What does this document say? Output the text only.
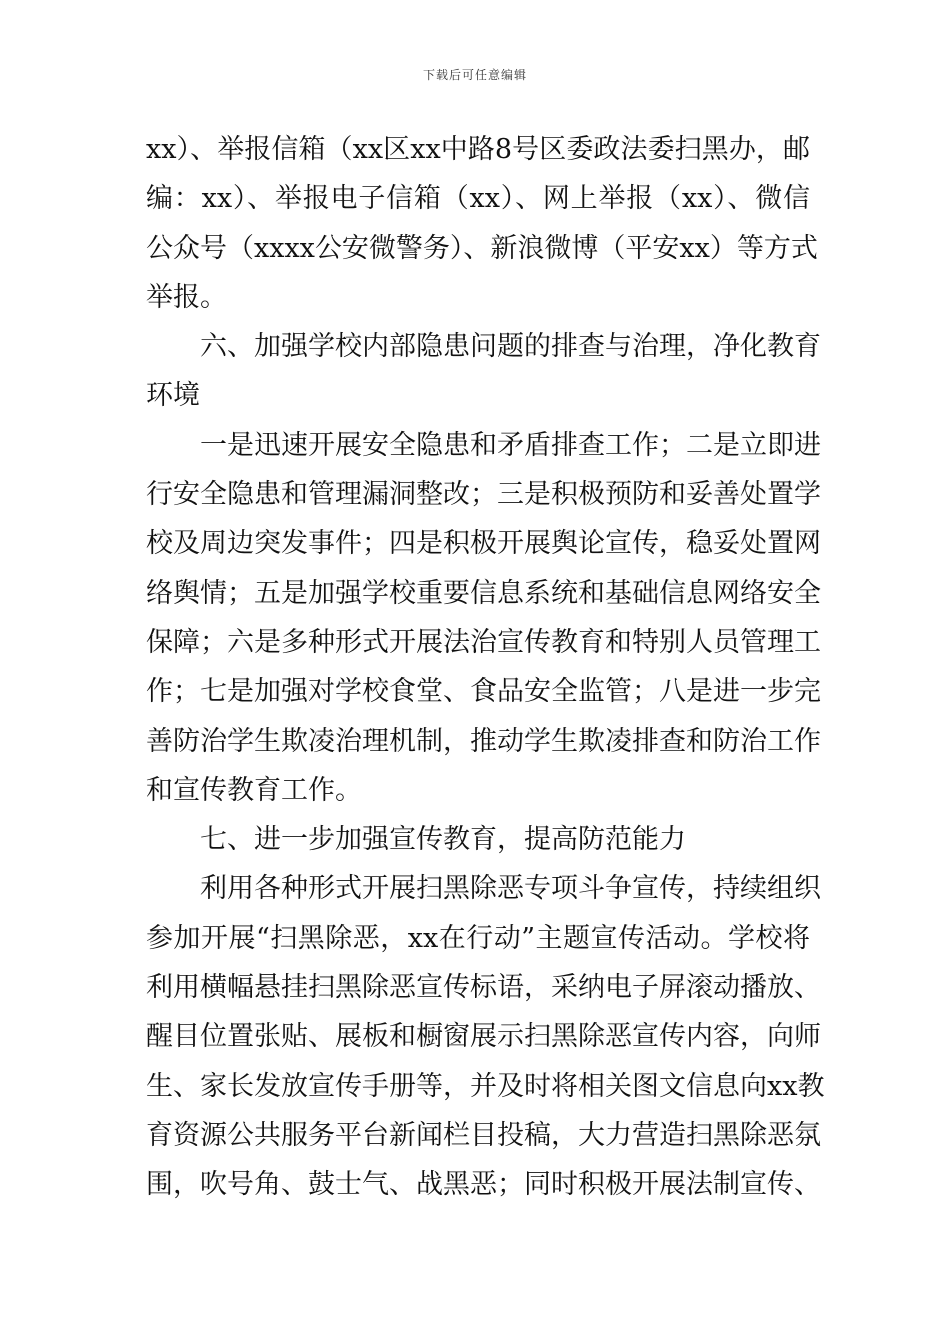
下载后可任意编辑
xx）、举报信箱（xx区xx中路8号区委政法委扫黑办，邮
编：xx）、举报电子信箱（xx）、网上举报（xx）、微信
公众号（xxxx公安微警务）、新浪微博（平安xx）等方式
举报。
六、加强学校内部隐患问题的排查与治理，净化教育
环境
一是迅速开展安全隐患和矛盾排查工作；二是立即进
行安全隐患和管理漏洞整改；三是积极预防和妥善处置学
校及周边突发事件；四是积极开展舆论宣传，稳妥处置网
络舆情；五是加强学校重要信息系统和基础信息网络安全
保障；六是多种形式开展法治宣传教育和特别人员管理工
作；七是加强对学校食堂、食品安全监管；八是进一步完
善防治学生欺凌治理机制，推动学生欺凌排查和防治工作
和宣传教育工作。
七、进一步加强宣传教育，提高防范能力
利用各种形式开展扫黑除恶专项斗争宣传，持续组织
参加开展“扫黑除恶，xx在行动”主题宣传活动。学校将
利用横幅悬挂扫黑除恶宣传标语，采纳电子屏滚动播放、
醒目位置张贴、展板和橱窗展示扫黑除恶宣传内容，向师
生、家长发放宣传手册等，并及时将相关图文信息向xx教
育资源公共服务平台新闻栏目投稿，大力营造扫黑除恶氛
围，吹号角、鼓士气、战黑恶；同时积极开展法制宣传、
